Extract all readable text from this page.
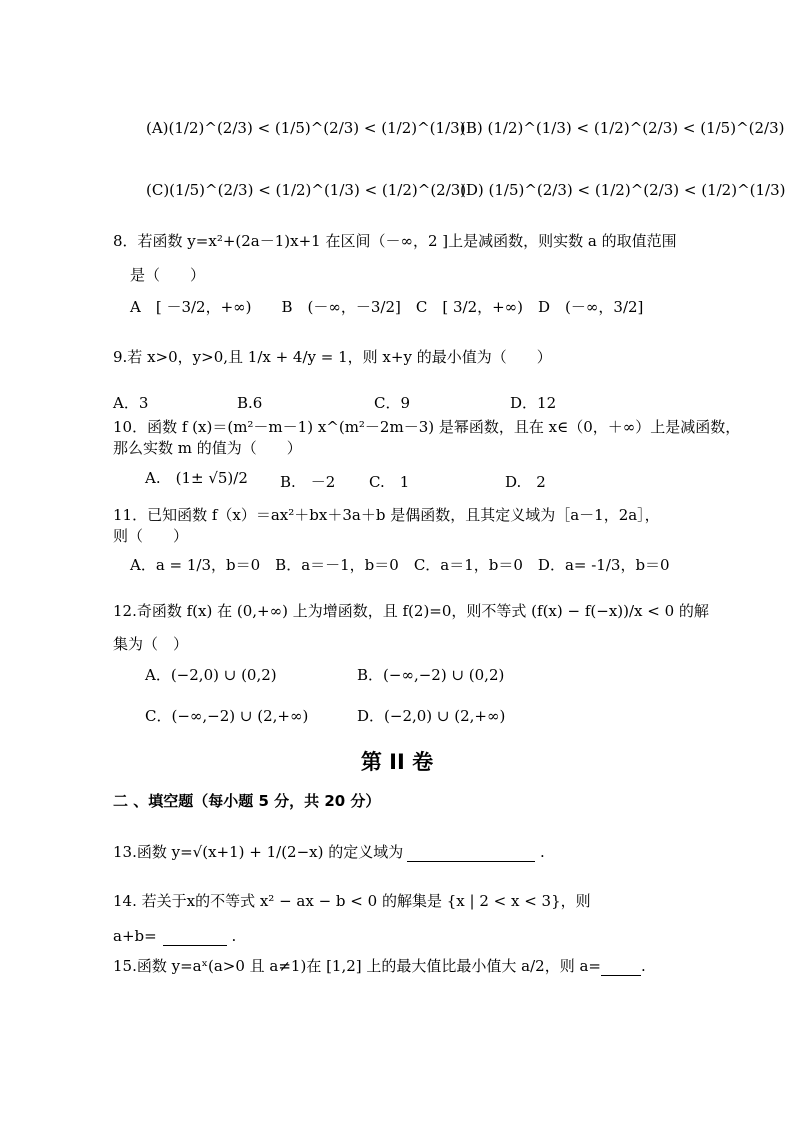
(A)(1/2)^(2/3) < (1/5)^(2/3) < (1/2)^(1/3)
(B) (1/2)^(1/3) < (1/2)^(2/3) < (1/5)^(2/3)
(C)(1/5)^(2/3) < (1/2)^(1/3) < (1/2)^(2/3)
(D) (1/5)^(2/3) < (1/2)^(2/3) < (1/2)^(1/3)
8．若函数 y=x²+(2a－1)x+1 在区间（－∞，2 ]上是减函数，则实数 a 的取值范围
是（　　）
A　[ －3/2，+∞)　　B　(－∞，－3/2]　C　[ 3/2，+∞)　D　(－∞，3/2]
9.若 x>0，y>0,且 1/x + 4/y = 1，则 x+y 的最小值为（　　）
A．3	B.6	C．9	D．12
10．函数 f (x)＝(m²－m－1) x^(m²－2m－3) 是幂函数，且在 x∈（0，＋∞）上是减函数，
那么实数 m 的值为（　　）
A.　(1± √5)/2 B.　－2 C.　1	D.　2
11．已知函数 f（x）＝ax²＋bx＋3a＋b 是偶函数，且其定义域为［a－1，2a］，
则（　　）
A．a = 1/3，b＝0　B．a＝－1，b＝0　C．a＝1，b＝0　D．a= -1/3，b＝0
12.奇函数 f(x) 在 (0,+∞) 上为增函数，且 f(2)=0，则不等式 (f(x) − f(−x))/x < 0 的解
集为（　）
A．(−2,0) ∪ (0,2)	B．(−∞,−2) ∪ (0,2)
C．(−∞,−2) ∪ (2,+∞)	D．(−2,0) ∪ (2,+∞)
第 II 卷
二 、填空题（每小题 5 分，共 20 分）
13.函数 y=√(x+1) + 1/(2−x) 的定义域为	.
14. 若关于x的不等式 x² − ax − b < 0 的解集是 {x | 2 < x < 3}，则
a+b=	.
15.函数 y=aˣ(a>0 且 a≠1)在 [1,2] 上的最大值比最小值大 a/2，则 a=	.
